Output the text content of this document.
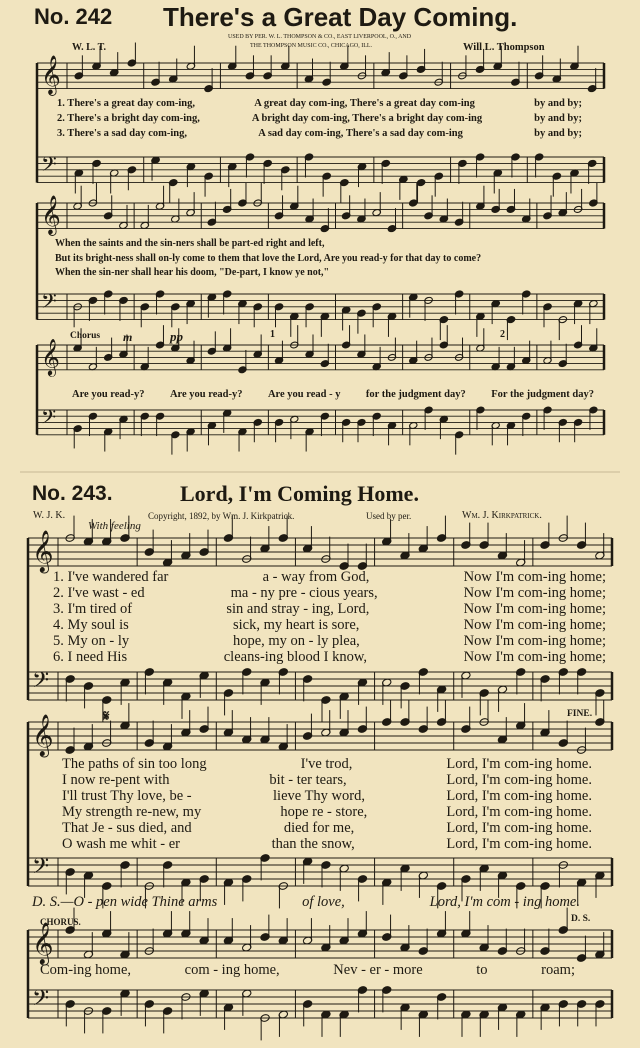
No. 242 There's a Great Day Coming.
W. L. T.
USED BY PER. W. L. THOMPSON & CO., EAST LIVERPOOL, O., AND
THE THOMPSON MUSIC CO., CHICAGO, ILL.	Will L. Thompson
𝄞
𝄢
𝄞
𝄢
𝄞
𝄢
𝄞
𝄢
𝄞
𝄢
𝄞
𝄢
1. There's a great day com-ing,	A great day com-ing, There's a great day com-ing	by and by;
2. There's a bright day com-ing,	A bright day com-ing, There's a bright day com-ing	by and by;
3. There's a sad day com-ing,	A sad day com-ing, There's a sad day com-ing	by and by;
When the saints and the sin-ners shall be part-ed right and left,
But its bright-ness shall on-ly come to them that love the Lord, Are you read-y for that day to come?
When the sin-ner shall hear his doom, "De-part, I know ye not,"
Chorus m	pp	1	2
Are you read-y? Are you read-y? Are you read - y for the judgment day? For the judgment day?
No. 243.	Lord, I'm Coming Home.
W. J. K.	Copyright, 1892, by Wm. J. Kirkpatrick.	Used by per.	Wm. J. Kirkpatrick.
With feeling
1. I've wandered far	a - way from God,	Now I'm com-ing home;
2. I've wast - ed	ma - ny pre - cious years,	Now I'm com-ing home;
3. I'm tired of	sin and stray - ing, Lord,	Now I'm com-ing home;
4. My soul is	sick, my heart is sore,	Now I'm com-ing home;
5. My on - ly	hope, my on - ly plea,	Now I'm com-ing home;
6. I need His	cleans-ing blood I know,	Now I'm com-ing home;
𝄋	FINE.
The paths of sin too long	I've trod,	Lord, I'm com-ing home.
I now re-pent with	bit - ter tears,	Lord, I'm com-ing home.
I'll trust Thy love, be -	lieve Thy word,	Lord, I'm com-ing home.
My strength re-new, my	hope re - store,	Lord, I'm com-ing home.
That Je - sus died, and	died for me,	Lord, I'm com-ing home.
O wash me whit - er	than the snow,	Lord, I'm com-ing home.
D. S.—O - pen wide Thine arms	of love,	Lord, I'm com - ing home.
CHORUS.	D. S.
Com-ing home,	com - ing home,	Nev - er - more	to	roam;
